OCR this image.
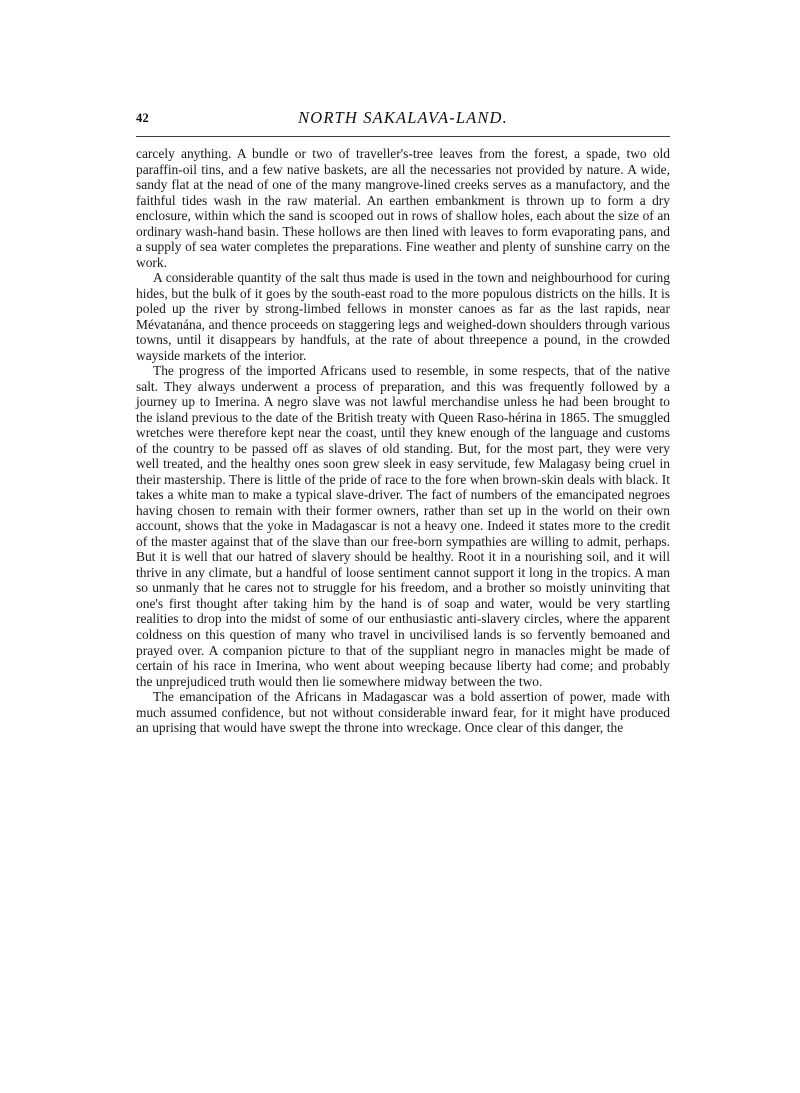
42	NORTH SAKALAVA-LAND.

carcely anything. A bundle or two of traveller's-tree leaves from the forest, a spade, two old paraffin-oil tins, and a few native baskets, are all the necessaries not provided by nature. A wide, sandy flat at the nead of one of the many mangrove-lined creeks serves as a manufactory, and the faithful tides wash in the raw material. An earthen embankment is thrown up to form a dry enclosure, within which the sand is scooped out in rows of shallow holes, each about the size of an ordinary wash-hand basin. These hollows are then lined with leaves to form evaporating pans, and a supply of sea water completes the preparations. Fine weather and plenty of sunshine carry on the work.

A considerable quantity of the salt thus made is used in the town and neighbourhood for curing hides, but the bulk of it goes by the south-east road to the more populous districts on the hills. It is poled up the river by strong-limbed fellows in monster canoes as far as the last rapids, near Mévatanána, and thence proceeds on staggering legs and weighed-down shoulders through various towns, until it disappears by handfuls, at the rate of about threepence a pound, in the crowded wayside markets of the interior.

The progress of the imported Africans used to resemble, in some respects, that of the native salt. They always underwent a process of preparation, and this was frequently followed by a journey up to Imerina. A negro slave was not lawful merchandise unless he had been brought to the island previous to the date of the British treaty with Queen Raso-hérina in 1865. The smuggled wretches were therefore kept near the coast, until they knew enough of the language and customs of the country to be passed off as slaves of old standing. But, for the most part, they were very well treated, and the healthy ones soon grew sleek in easy servitude, few Malagasy being cruel in their mastership. There is little of the pride of race to the fore when brown-skin deals with black. It takes a white man to make a typical slave-driver. The fact of numbers of the emancipated negroes having chosen to remain with their former owners, rather than set up in the world on their own account, shows that the yoke in Madagascar is not a heavy one. Indeed it states more to the credit of the master against that of the slave than our free-born sympathies are willing to admit, perhaps. But it is well that our hatred of slavery should be healthy. Root it in a nourishing soil, and it will thrive in any climate, but a handful of loose sentiment cannot support it long in the tropics. A man so unmanly that he cares not to struggle for his freedom, and a brother so moistly uninviting that one's first thought after taking him by the hand is of soap and water, would be very startling realities to drop into the midst of some of our enthusiastic anti-slavery circles, where the apparent coldness on this question of many who travel in uncivilised lands is so fervently bemoaned and prayed over. A companion picture to that of the suppliant negro in manacles might be made of certain of his race in Imerina, who went about weeping because liberty had come; and probably the unprejudiced truth would then lie somewhere midway between the two.

The emancipation of the Africans in Madagascar was a bold assertion of power, made with much assumed confidence, but not without considerable inward fear, for it might have produced an uprising that would have swept the throne into wreckage. Once clear of this danger, the
